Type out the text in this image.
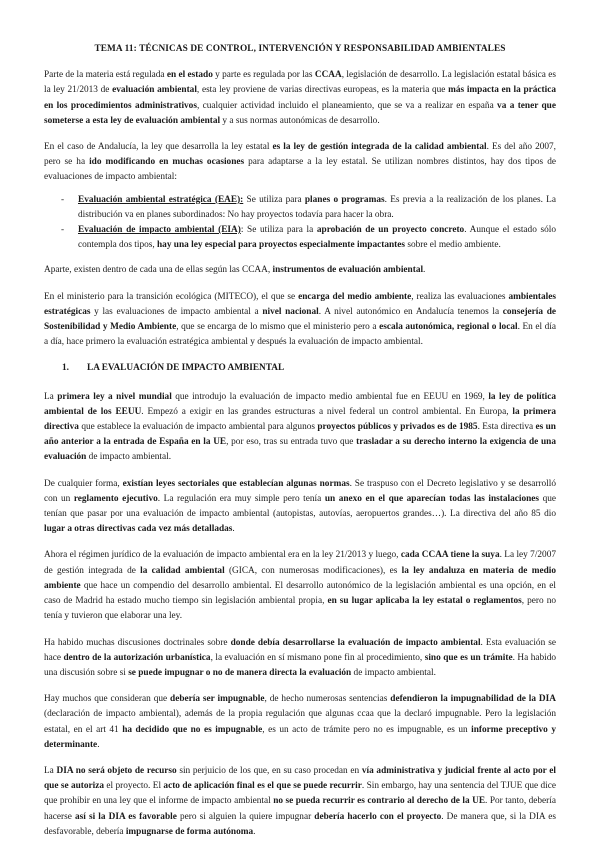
TEMA 11: TÉCNICAS DE CONTROL, INTERVENCIÓN Y RESPONSABILIDAD AMBIENTALES

Parte de la materia está regulada en el estado y parte es regulada por las CCAA, legislación de desarrollo. La legislación estatal básica es la ley 21/2013 de evaluación ambiental, esta ley proviene de varias directivas europeas, es la materia que más impacta en la práctica en los procedimientos administrativos, cualquier actividad incluido el planeamiento, que se va a realizar en españa va a tener que someterse a esta ley de evaluación ambiental y a sus normas autonómicas de desarrollo.

En el caso de Andalucía, la ley que desarrolla la ley estatal es la ley de gestión integrada de la calidad ambiental. Es del año 2007, pero se ha ido modificando en muchas ocasiones para adaptarse a la ley estatal. Se utilizan nombres distintos, hay dos tipos de evaluaciones de impacto ambiental:

- Evaluación ambiental estratégica (EAE): Se utiliza para planes o programas. Es previa a la realización de los planes. La distribución va en planes subordinados: No hay proyectos todavía para hacer la obra.
- Evaluación de impacto ambiental (EIA): Se utiliza para la aprobación de un proyecto concreto. Aunque el estado sólo contempla dos tipos, hay una ley especial para proyectos especialmente impactantes sobre el medio ambiente.

Aparte, existen dentro de cada una de ellas según las CCAA, instrumentos de evaluación ambiental.

En el ministerio para la transición ecológica (MITECO), el que se encarga del medio ambiente, realiza las evaluaciones ambientales estratégicas y las evaluaciones de impacto ambiental a nivel nacional. A nivel autonómico en Andalucía tenemos la consejería de Sostenibilidad y Medio Ambiente, que se encarga de lo mismo que el ministerio pero a escala autonómica, regional o local. En el día a día, hace primero la evaluación estratégica ambiental y después la evaluación de impacto ambiental.

1. LA EVALUACIÓN DE IMPACTO AMBIENTAL

La primera ley a nivel mundial que introdujo la evaluación de impacto medio ambiental fue en EEUU en 1969, la ley de política ambiental de los EEUU. Empezó a exigir en las grandes estructuras a nivel federal un control ambiental. En Europa, la primera directiva que establece la evaluación de impacto ambiental para algunos proyectos públicos y privados es de 1985. Esta directiva es un año anterior a la entrada de España en la UE, por eso, tras su entrada tuvo que trasladar a su derecho interno la exigencia de una evaluación de impacto ambiental.

De cualquier forma, existían leyes sectoriales que establecían algunas normas. Se traspuso con el Decreto legislativo y se desarrolló con un reglamento ejecutivo. La regulación era muy simple pero tenía un anexo en el que aparecían todas las instalaciones que tenían que pasar por una evaluación de impacto ambiental (autopistas, autovías, aeropuertos grandes…). La directiva del año 85 dio lugar a otras directivas cada vez más detalladas.

Ahora el régimen jurídico de la evaluación de impacto ambiental era en la ley 21/2013 y luego, cada CCAA tiene la suya. La ley 7/2007 de gestión integrada de la calidad ambiental (GICA, con numerosas modificaciones), es la ley andaluza en materia de medio ambiente que hace un compendio del desarrollo ambiental. El desarrollo autonómico de la legislación ambiental es una opción, en el caso de Madrid ha estado mucho tiempo sin legislación ambiental propia, en su lugar aplicaba la ley estatal o reglamentos, pero no tenía y tuvieron que elaborar una ley.

Ha habido muchas discusiones doctrinales sobre donde debía desarrollarse la evaluación de impacto ambiental. Esta evaluación se hace dentro de la autorización urbanística, la evaluación en sí mismano pone fin al procedimiento, sino que es un trámite. Ha habido una discusión sobre si se puede impugnar o no de manera directa la evaluación de impacto ambiental.

Hay muchos que consideran que debería ser impugnable, de hecho numerosas sentencias defendieron la impugnabilidad de la DIA (declaración de impacto ambiental), además de la propia regulación que algunas ccaa que la declaró impugnable. Pero la legislación estatal, en el art 41 ha decidido que no es impugnable, es un acto de trámite pero no es impugnable, es un informe preceptivo y determinante.

La DIA no será objeto de recurso sin perjuicio de los que, en su caso procedan en vía administrativa y judicial frente al acto por el que se autoriza el proyecto. El acto de aplicación final es el que se puede recurrir. Sin embargo, hay una sentencia del TJUE que dice que prohibir en una ley que el informe de impacto ambiental no se pueda recurrir es contrario al derecho de la UE. Por tanto, debería hacerse así si la DIA es favorable pero si alguien la quiere impugnar debería hacerlo con el proyecto. De manera que, si la DIA es desfavorable, debería impugnarse de forma autónoma.
